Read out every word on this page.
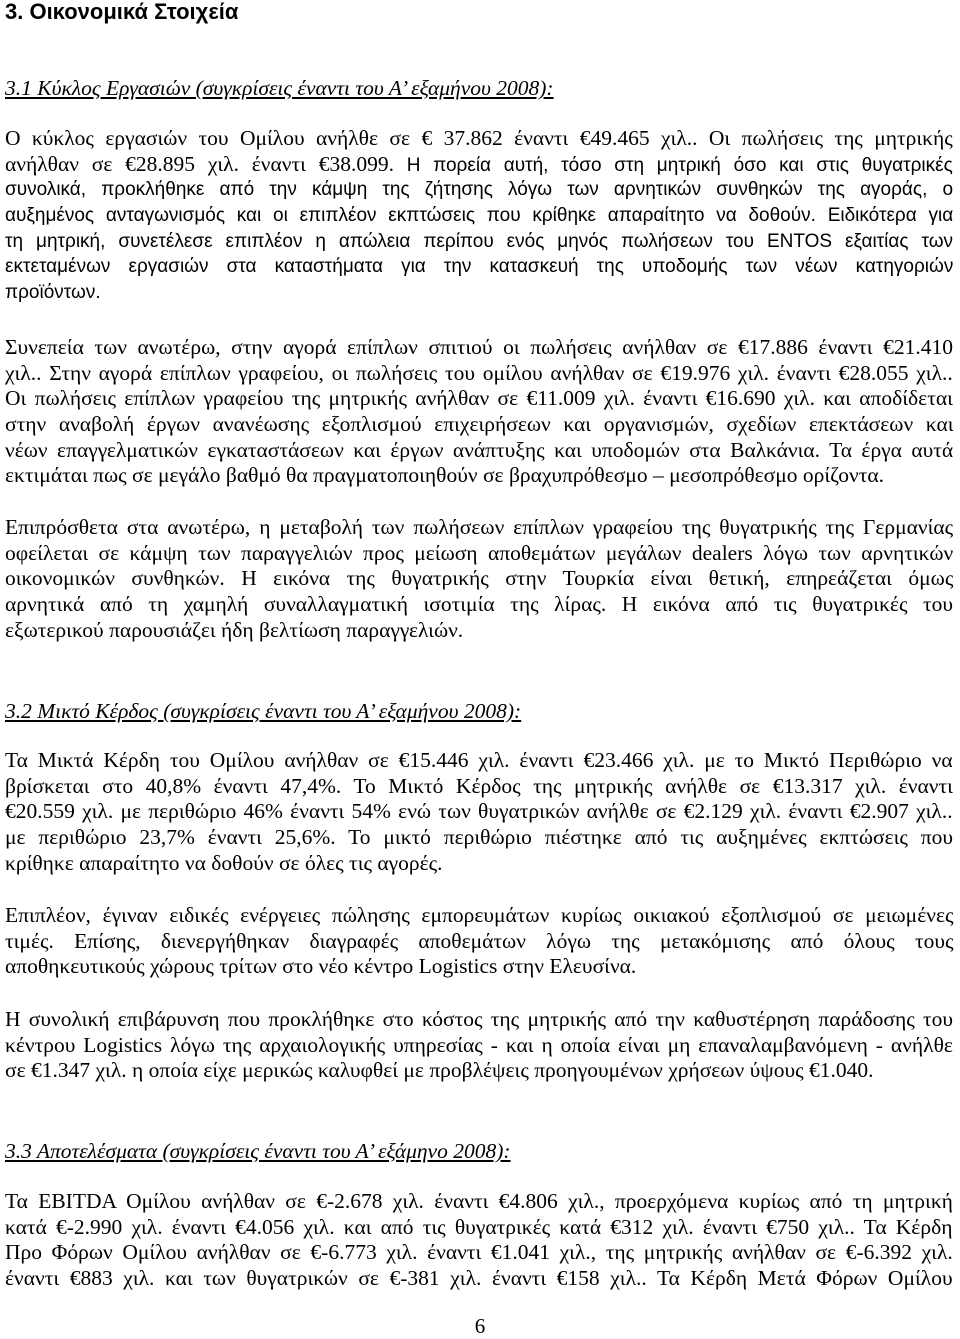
3. Οικονομικά Στοιχεία
3.1 Κύκλος Εργασιών (συγκρίσεις έναντι του Α’ εξαμήνου 2008):
Ο κύκλος εργασιών του Ομίλου ανήλθε σε € 37.862 έναντι €49.465 χιλ.. Οι πωλήσεις της μητρικής
ανήλθαν σε €28.895 χιλ. έναντι €38.099. Η πορεία αυτή, τόσο στη μητρική όσο και στις θυγατρικές
συνολικά, προκλήθηκε από την κάμψη της ζήτησης λόγω των αρνητικών συνθηκών της αγοράς, ο
αυξημένος ανταγωνισμός και οι επιπλέον εκπτώσεις που κρίθηκε απαραίτητο να δοθούν. Ειδικότερα για
τη μητρική, συνετέλεσε επιπλέον η απώλεια περίπου ενός μηνός πωλήσεων του ENTOS εξαιτίας των
εκτεταμένων εργασιών στα καταστήματα για την κατασκευή της υποδομής των νέων κατηγοριών
προϊόντων.
Συνεπεία των ανωτέρω, στην αγορά επίπλων σπιτιού οι πωλήσεις ανήλθαν σε €17.886 έναντι €21.410
χιλ.. Στην αγορά επίπλων γραφείου, οι πωλήσεις του ομίλου ανήλθαν σε €19.976 χιλ. έναντι €28.055 χιλ..
Οι πωλήσεις επίπλων γραφείου της μητρικής ανήλθαν σε €11.009 χιλ. έναντι €16.690 χιλ. και αποδίδεται
στην αναβολή έργων ανανέωσης εξοπλισμού επιχειρήσεων και οργανισμών, σχεδίων επεκτάσεων και
νέων επαγγελματικών εγκαταστάσεων και έργων ανάπτυξης και υποδομών στα Βαλκάνια. Τα έργα αυτά
εκτιμάται πως σε μεγάλο βαθμό θα πραγματοποιηθούν σε βραχυπρόθεσμο – μεσοπρόθεσμο ορίζοντα.
Επιπρόσθετα στα ανωτέρω, η μεταβολή των πωλήσεων επίπλων γραφείου της θυγατρικής της Γερμανίας
οφείλεται σε κάμψη των παραγγελιών προς μείωση αποθεμάτων μεγάλων dealers λόγω των αρνητικών
οικονομικών συνθηκών. Η εικόνα της θυγατρικής στην Τουρκία είναι θετική, επηρεάζεται όμως
αρνητικά από τη χαμηλή συναλλαγματική ισοτιμία της λίρας. Η εικόνα από τις θυγατρικές του
εξωτερικού παρουσιάζει ήδη βελτίωση παραγγελιών.
3.2 Μικτό Κέρδος (συγκρίσεις έναντι του Α’ εξαμήνου 2008):
Τα Μικτά Κέρδη του Ομίλου ανήλθαν σε €15.446 χιλ. έναντι €23.466 χιλ. με το Μικτό Περιθώριο να
βρίσκεται στο 40,8% έναντι 47,4%. Το Μικτό Κέρδος της μητρικής ανήλθε σε €13.317 χιλ. έναντι
€20.559 χιλ. με περιθώριο 46% έναντι 54% ενώ των θυγατρικών ανήλθε σε €2.129 χιλ. έναντι €2.907 χιλ..
με περιθώριο 23,7% έναντι 25,6%. Το μικτό περιθώριο πιέστηκε από τις αυξημένες εκπτώσεις που
κρίθηκε απαραίτητο να δοθούν σε όλες τις αγορές.
Επιπλέον, έγιναν ειδικές ενέργειες πώλησης εμπορευμάτων κυρίως οικιακού εξοπλισμού σε μειωμένες
τιμές. Επίσης, διενεργήθηκαν διαγραφές αποθεμάτων λόγω της μετακόμισης από όλους τους
αποθηκευτικούς χώρους τρίτων στο νέο κέντρο Logistics στην Ελευσίνα.
Η συνολική επιβάρυνση που προκλήθηκε στο κόστος της μητρικής από την καθυστέρηση παράδοσης του
κέντρου Logistics λόγω της αρχαιολογικής υπηρεσίας - και η οποία είναι μη επαναλαμβανόμενη - ανήλθε
σε €1.347 χιλ. η οποία είχε μερικώς καλυφθεί με προβλέψεις προηγουμένων χρήσεων ύψους €1.040.
3.3 Αποτελέσματα (συγκρίσεις έναντι του Α’ εξάμηνο 2008):
Τα EBITDA Ομίλου ανήλθαν σε €-2.678 χιλ. έναντι €4.806 χιλ., προερχόμενα κυρίως από τη μητρική
κατά €-2.990 χιλ. έναντι €4.056 χιλ. και από τις θυγατρικές κατά €312 χιλ. έναντι €750 χιλ.. Τα Κέρδη
Προ Φόρων Ομίλου ανήλθαν σε €-6.773 χιλ. έναντι €1.041 χιλ., της μητρικής ανήλθαν σε €-6.392 χιλ.
έναντι €883 χιλ. και των θυγατρικών σε €-381 χιλ. έναντι €158 χιλ.. Τα Κέρδη Μετά Φόρων Ομίλου
6
